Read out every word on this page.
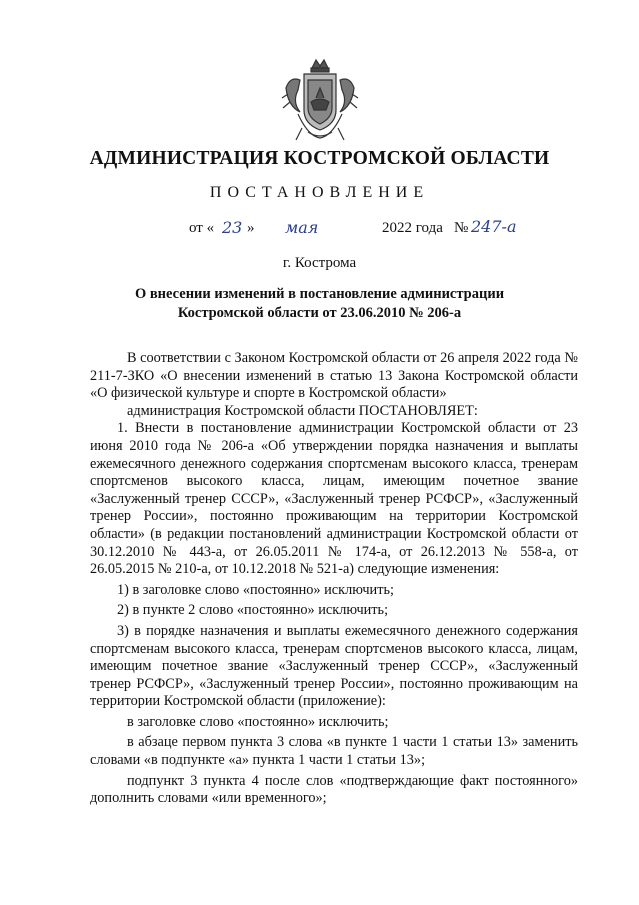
АДМИНИСТРАЦИЯ КОСТРОМСКОЙ ОБЛАСТИ
ПОСТАНОВЛЕНИЕ
от « 23 » мая	2022 года № 247-а
г. Кострома
О внесении изменений в постановление администрации
Костромской области от 23.06.2010 № 206-а

В соответствии с Законом Костромской области от 26 апреля 2022 года № 211-7-ЗКО «О внесении изменений в статью 13 Закона Костромской области «О физической культуре и спорте в Костромской области»

администрация Костромской области ПОСТАНОВЛЯЕТ:

1. Внести в постановление администрации Костромской области от 23 июня 2010 года № 206-а «Об утверждении порядка назначения и выплаты ежемесячного денежного содержания спортсменам высокого класса, тренерам спортсменов высокого класса, лицам, имеющим почетное звание «Заслуженный тренер СССР», «Заслуженный тренер РСФСР», «Заслуженный тренер России», постоянно проживающим на территории Костромской области» (в редакции постановлений администрации Костромской области от 30.12.2010 № 443-а, от 26.05.2011 № 174-а, от 26.12.2013 № 558-а, от 26.05.2015 № 210-а, от 10.12.2018 № 521-а) следующие изменения:

1) в заголовке слово «постоянно» исключить;

2) в пункте 2 слово «постоянно» исключить;

3) в порядке назначения и выплаты ежемесячного денежного содержания спортсменам высокого класса, тренерам спортсменов высокого класса, лицам, имеющим почетное звание «Заслуженный тренер СССР», «Заслуженный тренер РСФСР», «Заслуженный тренер России», постоянно проживающим на территории Костромской области (приложение):

в заголовке слово «постоянно» исключить;

в абзаце первом пункта 3 слова «в пункте 1 части 1 статьи 13» заменить словами «в подпункте «а» пункта 1 части 1 статьи 13»;

подпункт 3 пункта 4 после слов «подтверждающие факт постоянного» дополнить словами «или временного»;
